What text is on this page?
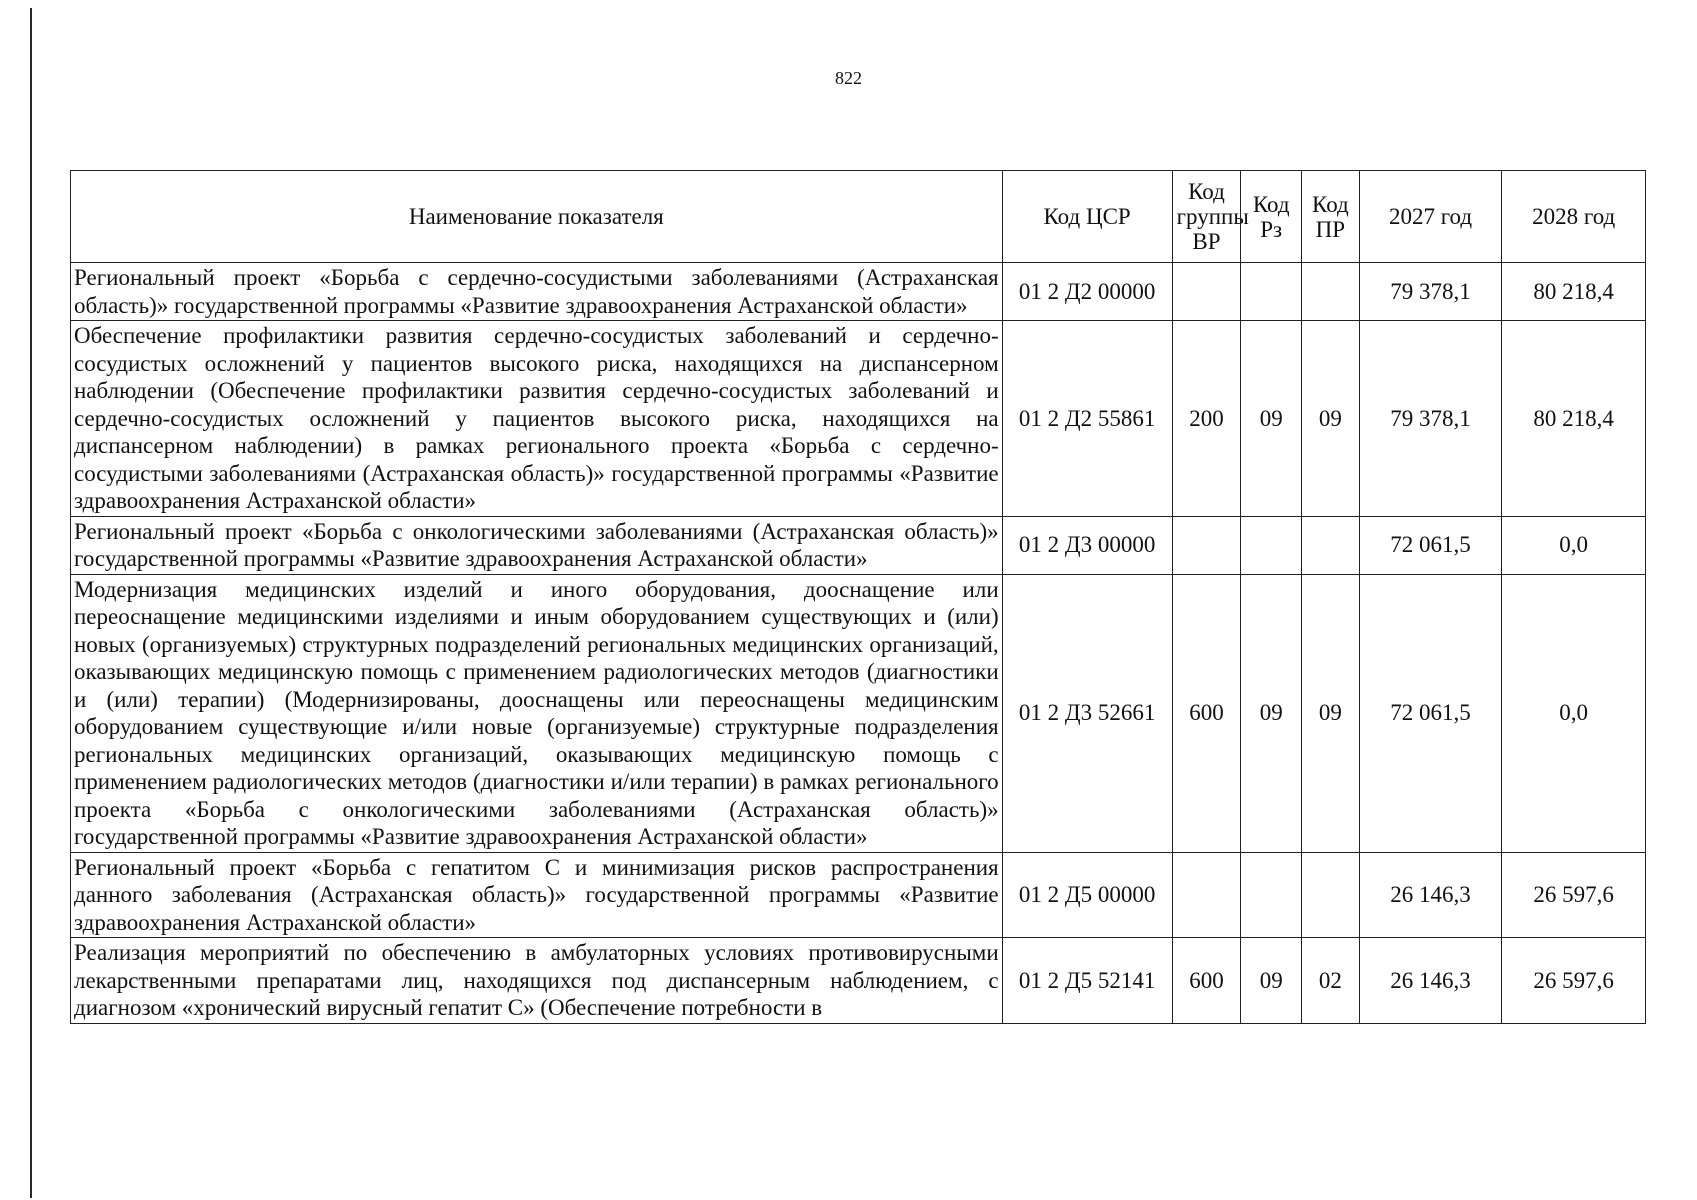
822
Наименование показателя	Код ЦСР	Код группы ВР	Код Рз	Код ПР	2027 год	2028 год
Региональный проект «Борьба с сердечно-сосудистыми заболеваниями (Астраханская область)» государственной программы «Развитие здравоохранения Астраханской области»	01 2 Д2 00000				79 378,1	80 218,4
Обеспечение профилактики развития сердечно-сосудистых заболеваний и сердечно-сосудистых осложнений у пациентов высокого риска, находящихся на диспансерном наблюдении (Обеспечение профилактики развития сердечно-сосудистых заболеваний и сердечно-сосудистых осложнений у пациентов высокого риска, находящихся на диспансерном наблюдении) в рамках регионального проекта «Борьба с сердечно-сосудистыми заболеваниями (Астраханская область)» государственной программы «Развитие здравоохранения Астраханской области»	01 2 Д2 55861	200	09	09	79 378,1	80 218,4
Региональный проект «Борьба с онкологическими заболеваниями (Астраханская область)» государственной программы «Развитие здравоохранения Астраханской области»	01 2 Д3 00000				72 061,5	0,0
Модернизация медицинских изделий и иного оборудования, дооснащение или переоснащение медицинскими изделиями и иным оборудованием существующих и (или) новых (организуемых) структурных подразделений региональных медицинских организаций, оказывающих медицинскую помощь с применением радиологических методов (диагностики и (или) терапии) (Модернизированы, дооснащены или переоснащены медицинским оборудованием существующие и/или новые (организуемые) структурные подразделения региональных медицинских организаций, оказывающих медицинскую помощь с применением радиологических методов (диагностики и/или терапии) в рамках регионального проекта «Борьба с онкологическими заболеваниями (Астраханская область)» государственной программы «Развитие здравоохранения Астраханской области»	01 2 Д3 52661	600	09	09	72 061,5	0,0
Региональный проект «Борьба с гепатитом С и минимизация рисков распространения данного заболевания (Астраханская область)» государственной программы «Развитие здравоохранения Астраханской области»	01 2 Д5 00000				26 146,3	26 597,6
Реализация мероприятий по обеспечению в амбулаторных условиях противовирусными лекарственными препаратами лиц, находящихся под диспансерным наблюдением, с диагнозом «хронический вирусный гепатит С» (Обеспечение потребности в	01 2 Д5 52141	600	09	02	26 146,3	26 597,6
